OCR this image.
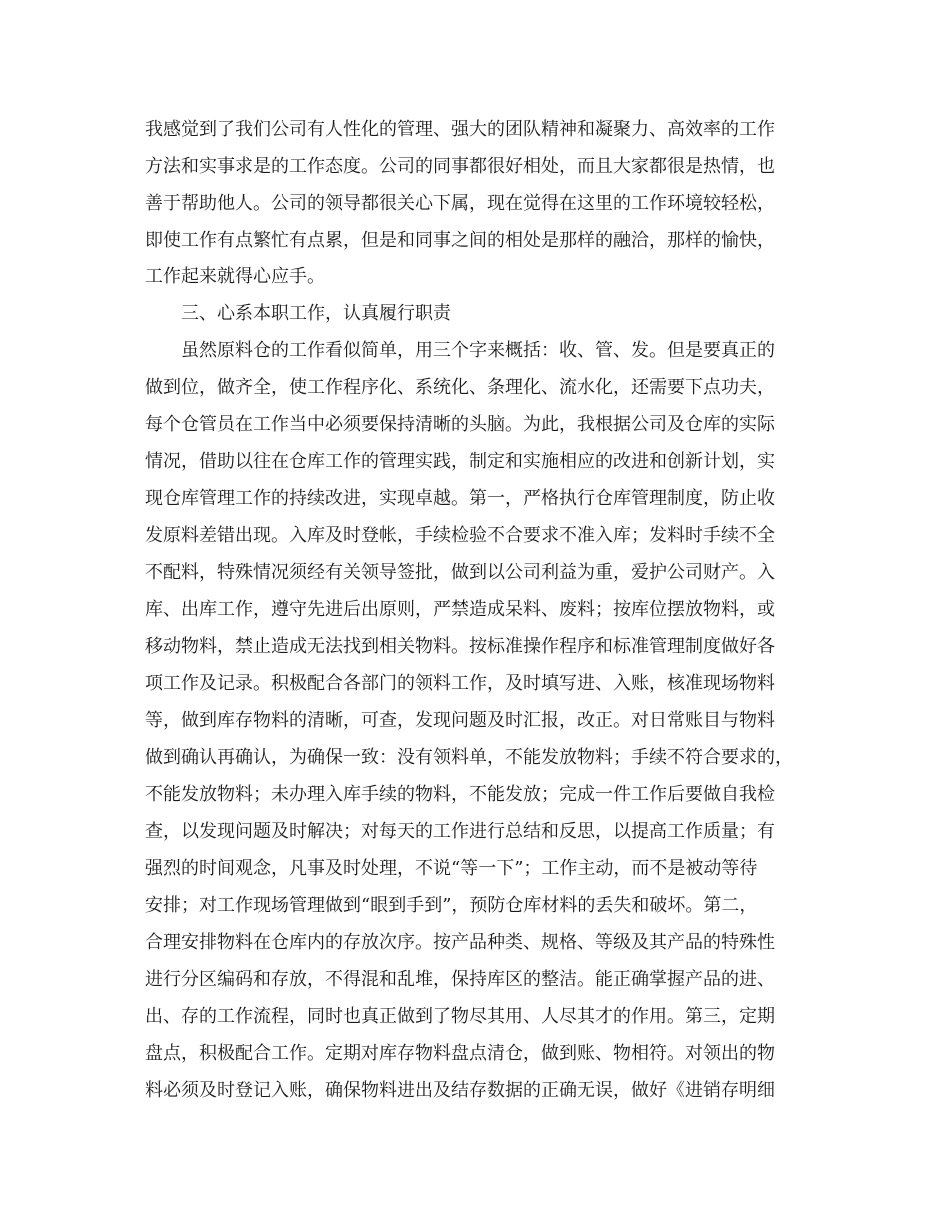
我感觉到了我们公司有人性化的管理、强大的团队精神和凝聚力、高效率的工作
方法和实事求是的工作态度。公司的同事都很好相处，而且大家都很是热情，也
善于帮助他人。公司的领导都很关心下属，现在觉得在这里的工作环境较轻松，
即使工作有点繁忙有点累，但是和同事之间的相处是那样的融洽，那样的愉快，
工作起来就得心应手。
三、心系本职工作，认真履行职责
虽然原料仓的工作看似简单，用三个字来概括：收、管、发。但是要真正的
做到位，做齐全，使工作程序化、系统化、条理化、流水化，还需要下点功夫，
每个仓管员在工作当中必须要保持清晰的头脑。为此，我根据公司及仓库的实际
情况，借助以往在仓库工作的管理实践，制定和实施相应的改进和创新计划，实
现仓库管理工作的持续改进，实现卓越。第一，严格执行仓库管理制度，防止收
发原料差错出现。入库及时登帐，手续检验不合要求不准入库；发料时手续不全
不配料，特殊情况须经有关领导签批，做到以公司利益为重，爱护公司财产。入
库、出库工作，遵守先进后出原则，严禁造成呆料、废料；按库位摆放物料，或
移动物料，禁止造成无法找到相关物料。按标准操作程序和标准管理制度做好各
项工作及记录。积极配合各部门的领料工作，及时填写进、入账，核准现场物料
等，做到库存物料的清晰，可查，发现问题及时汇报，改正。对日常账目与物料
做到确认再确认，为确保一致：没有领料单，不能发放物料；手续不符合要求的，
不能发放物料；未办理入库手续的物料，不能发放；完成一件工作后要做自我检
查，以发现问题及时解决；对每天的工作进行总结和反思，以提高工作质量；有
强烈的时间观念，凡事及时处理，不说“等一下”；工作主动，而不是被动等待
安排；对工作现场管理做到“眼到手到”，预防仓库材料的丢失和破坏。第二，
合理安排物料在仓库内的存放次序。按产品种类、规格、等级及其产品的特殊性
进行分区编码和存放，不得混和乱堆，保持库区的整洁。能正确掌握产品的进、
出、存的工作流程，同时也真正做到了物尽其用、人尽其才的作用。第三，定期
盘点，积极配合工作。定期对库存物料盘点清仓，做到账、物相符。对领出的物
料必须及时登记入账，确保物料进出及结存数据的正确无误，做好《进销存明细
